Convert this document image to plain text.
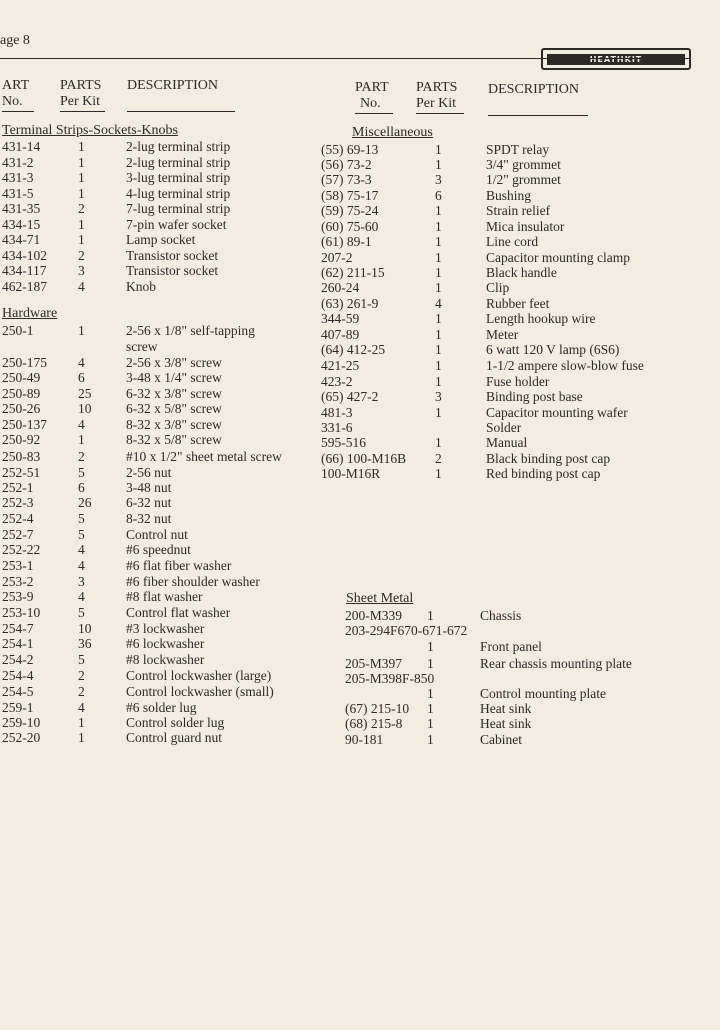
age 8
HEATHKIT
ART
No.
PARTS
Per Kit
DESCRIPTION	PART
No.
PARTS
Per Kit
DESCRIPTION
Terminal Strips-Sockets-Knobs
Hardware
Miscellaneous
Sheet Metal
431-14	1	2-lug terminal strip
431-2	1	2-lug terminal strip
431-3	1	3-lug terminal strip
431-5	1	4-lug terminal strip
431-35	2	7-lug terminal strip
434-15	1	7-pin wafer socket
434-71	1	Lamp socket
434-102 2	Transistor socket
434-117 3	Transistor socket
462-187 4	Knob
250-1	1	2-56 x 1/8" self-tapping
screw
250-175 4	2-56 x 3/8" screw
250-49	6	3-48 x 1/4" screw
250-89	25	6-32 x 3/8" screw
250-26	10	6-32 x 5/8" screw
250-137 4	8-32 x 3/8" screw
250-92	1	8-32 x 5/8" screw
250-83	2	#10 x 1/2" sheet metal screw
252-51	5	2-56 nut
252-1	6	3-48 nut
252-3	26	6-32 nut
252-4	5	8-32 nut
252-7	5	Control nut
252-22	4	#6 speednut
253-1	4	#6 flat fiber washer
253-2	3	#6 fiber shoulder washer
253-9	4	#8 flat washer
253-10	5	Control flat washer
254-7	10	#3 lockwasher
254-1	36	#6 lockwasher
254-2	5	#8 lockwasher
254-4	2	Control lockwasher (large)
254-5	2	Control lockwasher (small)
259-1	4	#6 solder lug
259-10	1	Control solder lug
252-20	1	Control guard nut
(55) 69-13	1	SPDT relay
(56) 73-2	1	3/4" grommet
(57) 73-3	3	1/2" grommet
(58) 75-17	6	Bushing
(59) 75-24	1	Strain relief
(60) 75-60	1	Mica insulator
(61) 89-1	1	Line cord
207-2	1	Capacitor mounting clamp
(62) 211-15	1	Black handle
260-24	1	Clip
(63) 261-9	4	Rubber feet
344-59	1	Length hookup wire
407-89	1	Meter
(64) 412-25	1	6 watt 120 V lamp (6S6)
421-25	1	1-1/2 ampere slow-blow fuse
423-2	1	Fuse holder
(65) 427-2	3	Binding post base
481-3	1	Capacitor mounting wafer
331-6	Solder
595-516	1	Manual
(66) 100-M16B 2	Black binding post cap
100-M16R	1	Red binding post cap
200-M339 1	Chassis
203-294F670-671-672
1	Front panel
205-M397 1	Rear chassis mounting plate
205-M398F-850
1	Control mounting plate
(67) 215-10 1	Heat sink
(68) 215-8 1	Heat sink
90-181	1	Cabinet
